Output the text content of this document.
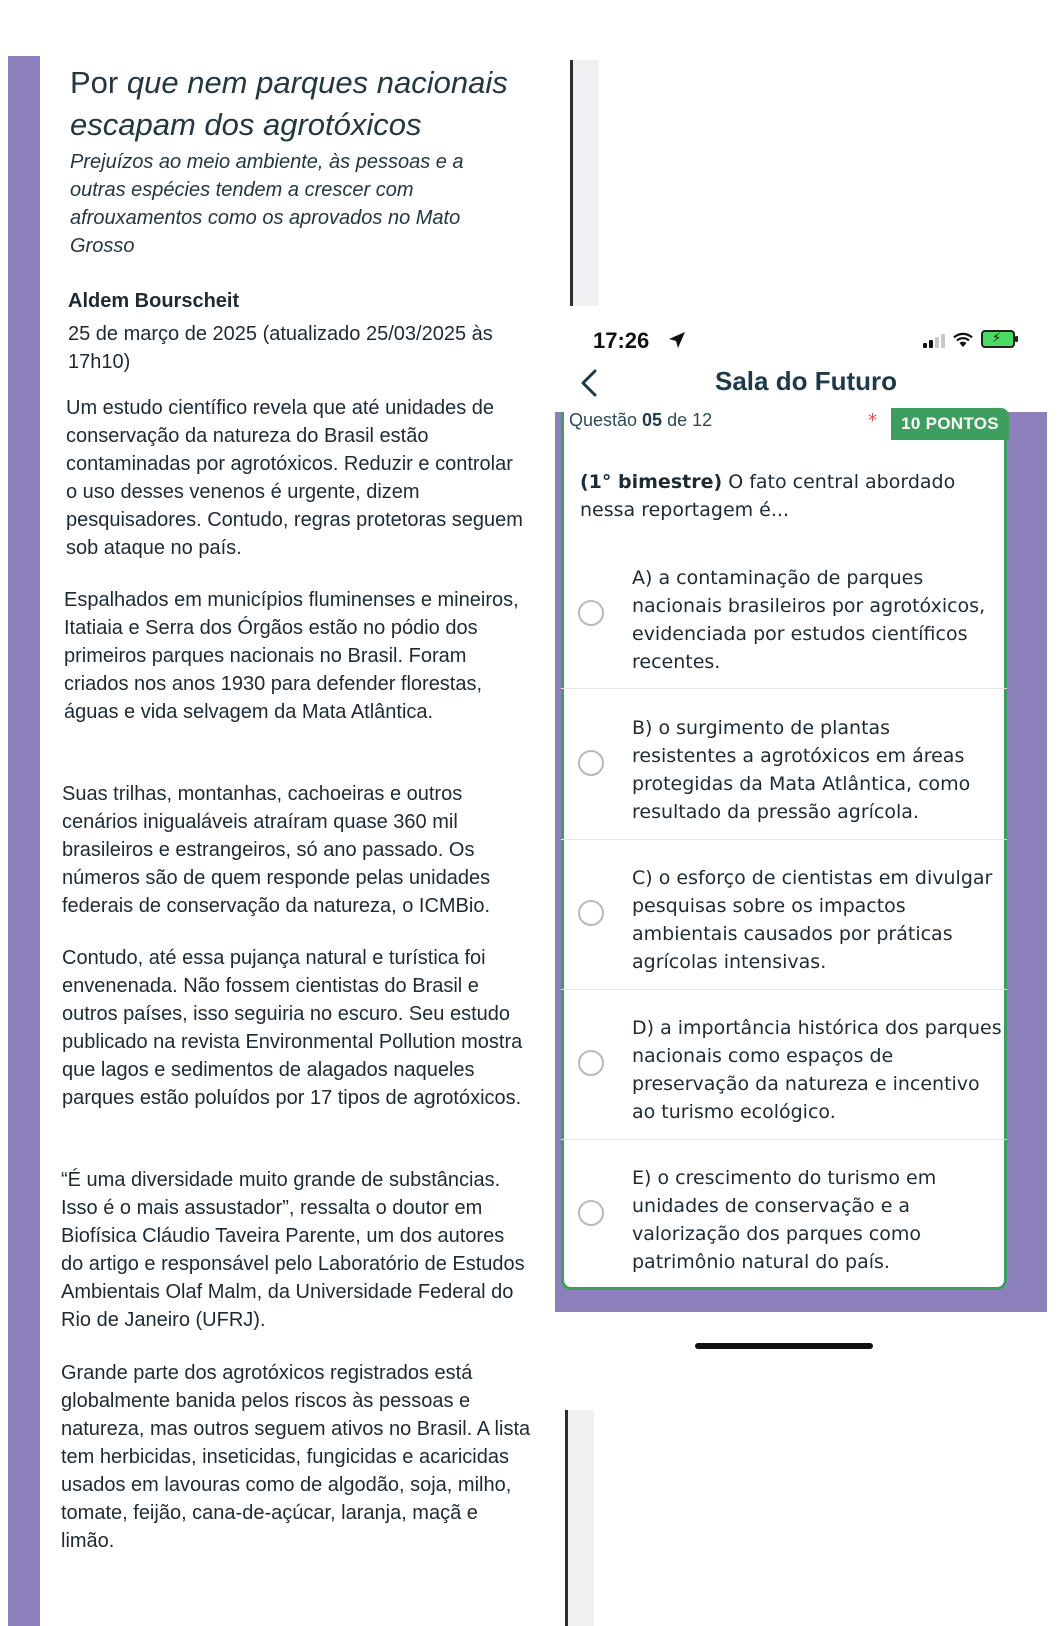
Por que nem parques nacionais escapam dos agrotóxicos
Prejuízos ao meio ambiente, às pessoas e a outras espécies tendem a crescer com afrouxamentos como os aprovados no Mato Grosso
Aldem Bourscheit
25 de março de 2025 (atualizado 25/03/2025 às 17h10)
Um estudo científico revela que até unidades de conservação da natureza do Brasil estão contaminadas por agrotóxicos. Reduzir e controlar o uso desses venenos é urgente, dizem pesquisadores. Contudo, regras protetoras seguem sob ataque no país.
Espalhados em municípios fluminenses e mineiros, Itatiaia e Serra dos Órgãos estão no pódio dos primeiros parques nacionais no Brasil. Foram criados nos anos 1930 para defender florestas, águas e vida selvagem da Mata Atlântica.
Suas trilhas, montanhas, cachoeiras e outros cenários inigualáveis atraíram quase 360 mil brasileiros e estrangeiros, só ano passado. Os números são de quem responde pelas unidades federais de conservação da natureza, o ICMBio.
Contudo, até essa pujança natural e turística foi envenenada. Não fossem cientistas do Brasil e outros países, isso seguiria no escuro. Seu estudo publicado na revista Environmental Pollution mostra que lagos e sedimentos de alagados naqueles parques estão poluídos por 17 tipos de agrotóxicos.
“É uma diversidade muito grande de substâncias. Isso é o mais assustador”, ressalta o doutor em Biofísica Cláudio Taveira Parente, um dos autores do artigo e responsável pelo Laboratório de Estudos Ambientais Olaf Malm, da Universidade Federal do Rio de Janeiro (UFRJ).
Grande parte dos agrotóxicos registrados está globalmente banida pelos riscos às pessoas e natureza, mas outros seguem ativos no Brasil. A lista tem herbicidas, inseticidas, fungicidas e acaricidas usados em lavouras como de algodão, soja, milho, tomate, feijão, cana-de-açúcar, laranja, maçã e limão.
17:26	⚡
Sala do Futuro
Questão 05 de 12	*	10 PONTOS
(1° bimestre) O fato central abordado nessa reportagem é...
A) a contaminação de parques nacionais brasileiros por agrotóxicos, evidenciada por estudos científicos recentes.
B) o surgimento de plantas resistentes a agrotóxicos em áreas protegidas da Mata Atlântica, como resultado da pressão agrícola.
C) o esforço de cientistas em divulgar pesquisas sobre os impactos ambientais causados por práticas agrícolas intensivas.
D) a importância histórica dos parques nacionais como espaços de preservação da natureza e incentivo ao turismo ecológico.
E) o crescimento do turismo em unidades de conservação e a valorização dos parques como patrimônio natural do país.
